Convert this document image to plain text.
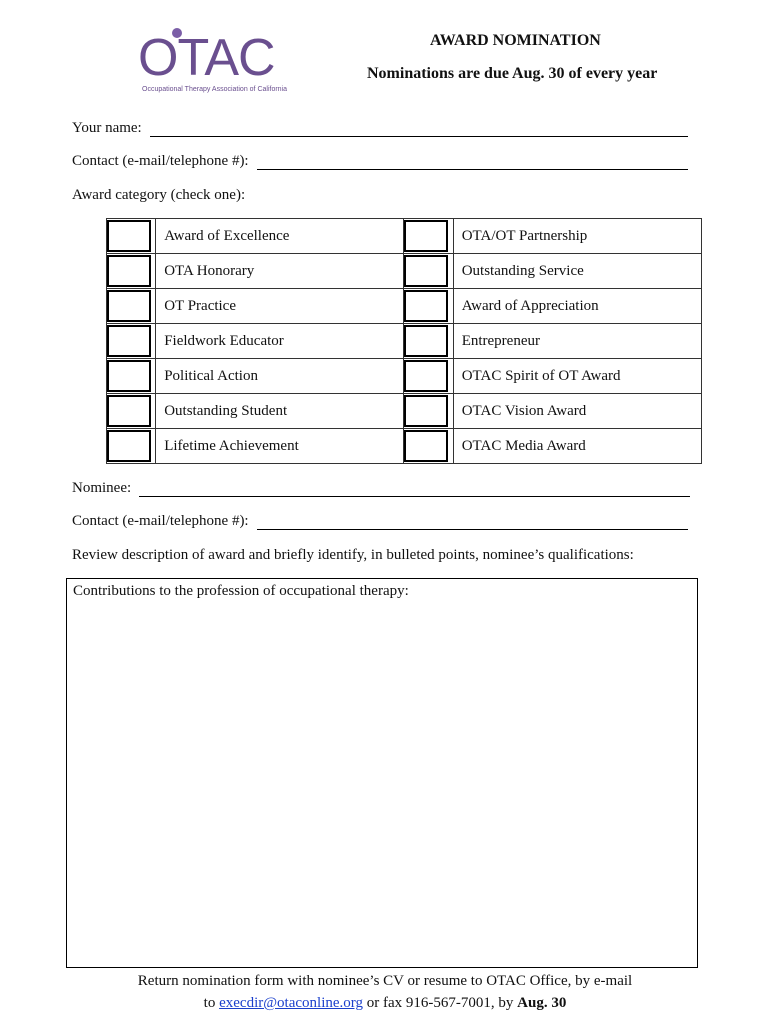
OTAC
Occupational Therapy Association of California
AWARD NOMINATION
Nominations are due Aug. 30 of every year
Your name:
Contact (e-mail/telephone #):
Award category (check one):
	Award of Excellence		OTA/OT Partnership

	OTA Honorary		Outstanding Service

	OT Practice		Award of Appreciation

	Fieldwork Educator		Entrepreneur

	Political Action		OTAC Spirit of OT Award

	Outstanding Student		OTAC Vision Award

	Lifetime Achievement		OTAC Media Award
Nominee:
Contact (e-mail/telephone #):
Review description of award and briefly identify, in bulleted points, nominee’s qualifications:
Contributions to the profession of occupational therapy:
Return nomination form with nominee’s CV or resume to OTAC Office, by e-mail
to execdir@otaconline.org or fax 916-567-7001, by Aug. 30
